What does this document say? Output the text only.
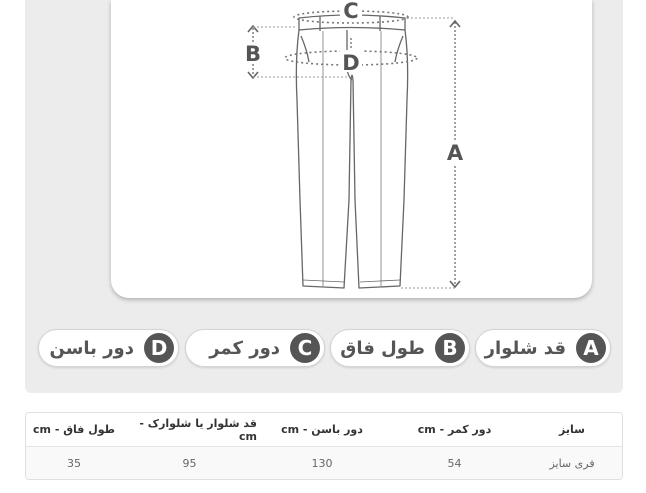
C
D
B
A
A
قد شلوار
B
طول فاق
C
دور کمر
D
دور باسن
سایز
دور کمر - cm
دور باسن - cm
قد شلوار یا شلوارک - cm
طول فاق - cm
فری سایز
54
130
95
35
